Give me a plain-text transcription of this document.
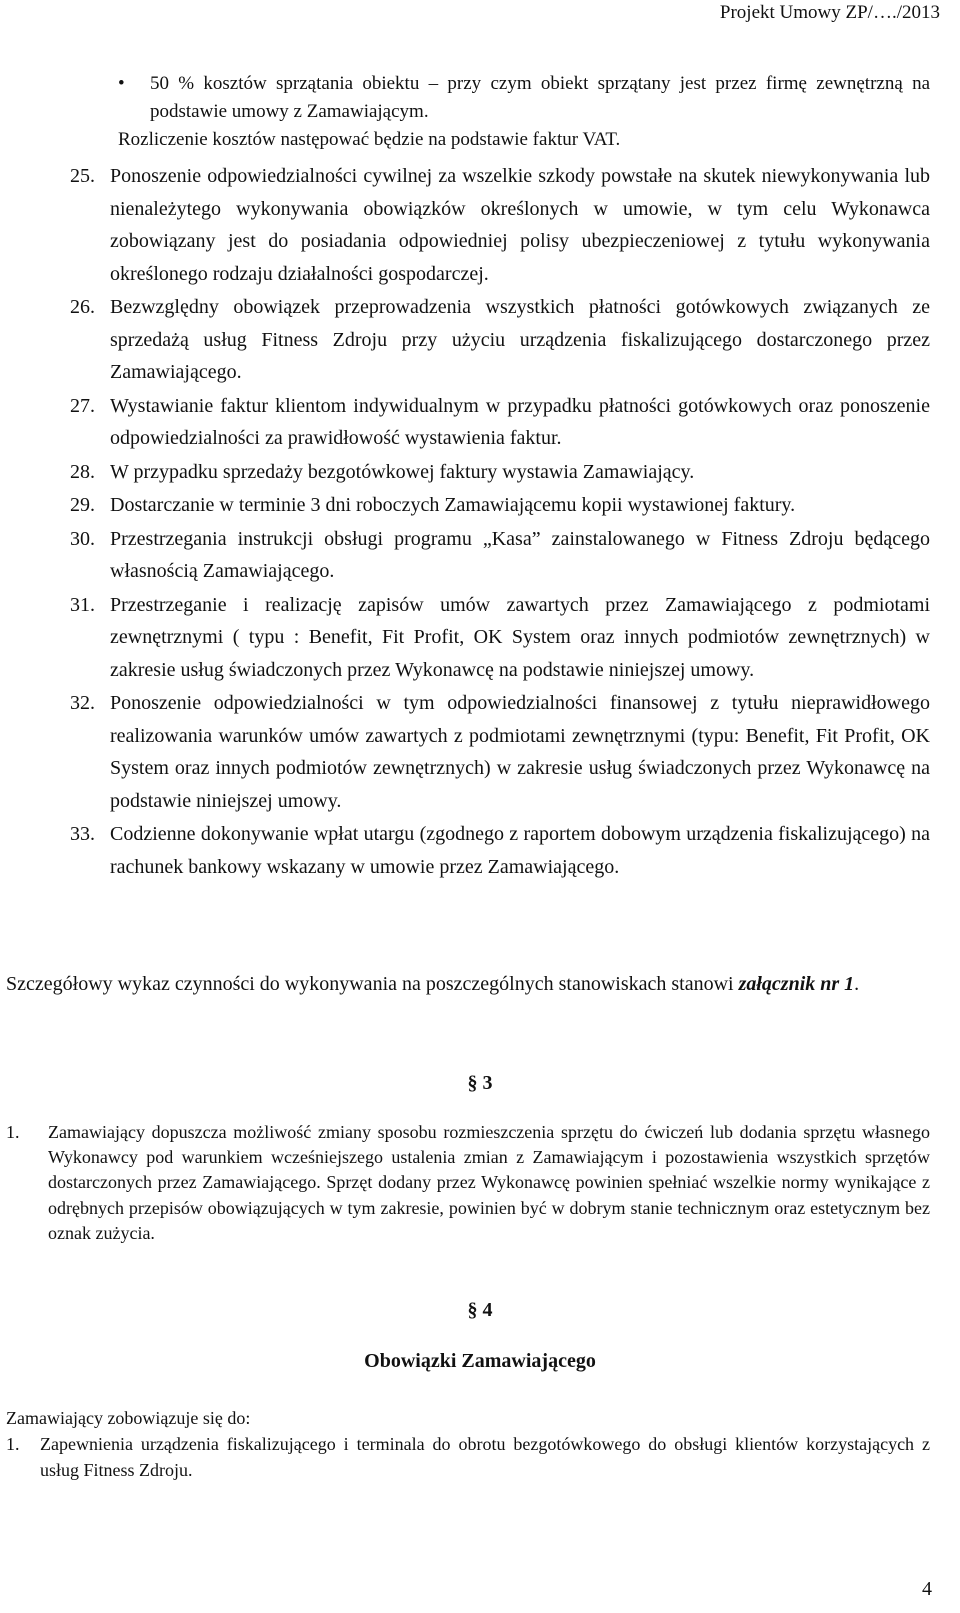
Projekt Umowy ZP/…./2013
• 50 % kosztów sprzątania obiektu – przy czym obiekt sprzątany jest przez firmę zewnętrzną na podstawie umowy z Zamawiającym.
Rozliczenie kosztów następować będzie na podstawie faktur VAT.
25. Ponoszenie odpowiedzialności cywilnej za wszelkie szkody powstałe na skutek niewykonywania lub nienależytego wykonywania obowiązków określonych w umowie, w tym celu Wykonawca zobowiązany jest do posiadania odpowiedniej polisy ubezpieczeniowej z tytułu wykonywania określonego rodzaju działalności gospodarczej.
26. Bezwzględny obowiązek przeprowadzenia wszystkich płatności gotówkowych związanych ze sprzedażą usług Fitness Zdroju przy użyciu urządzenia fiskalizującego dostarczonego przez Zamawiającego.
27. Wystawianie faktur klientom indywidualnym w przypadku płatności gotówkowych oraz ponoszenie odpowiedzialności za prawidłowość wystawienia faktur.
28. W przypadku sprzedaży bezgotówkowej faktury wystawia Zamawiający.
29. Dostarczanie w terminie 3 dni roboczych Zamawiającemu kopii wystawionej faktury.
30. Przestrzegania instrukcji obsługi programu „Kasa” zainstalowanego w Fitness Zdroju będącego własnością Zamawiającego.
31. Przestrzeganie i realizację zapisów umów zawartych przez Zamawiającego z podmiotami zewnętrznymi ( typu : Benefit, Fit Profit, OK System oraz innych podmiotów zewnętrznych) w zakresie usług świadczonych przez Wykonawcę na podstawie niniejszej umowy.
32. Ponoszenie odpowiedzialności w tym odpowiedzialności finansowej z tytułu nieprawidłowego realizowania warunków umów zawartych z podmiotami zewnętrznymi (typu: Benefit, Fit Profit, OK System oraz innych podmiotów zewnętrznych) w zakresie usług świadczonych przez Wykonawcę na podstawie niniejszej umowy.
33. Codzienne dokonywanie wpłat utargu (zgodnego z raportem dobowym urządzenia fiskalizującego) na rachunek bankowy wskazany w umowie przez Zamawiającego.
Szczegółowy wykaz czynności do wykonywania na poszczególnych stanowiskach stanowi załącznik nr 1.
§ 3
1. Zamawiający dopuszcza możliwość zmiany sposobu rozmieszczenia sprzętu do ćwiczeń lub dodania sprzętu własnego Wykonawcy pod warunkiem wcześniejszego ustalenia zmian z Zamawiającym i pozostawienia wszystkich sprzętów dostarczonych przez Zamawiającego. Sprzęt dodany przez Wykonawcę powinien spełniać wszelkie normy wynikające z odrębnych przepisów obowiązujących w tym zakresie, powinien być w dobrym stanie technicznym oraz estetycznym bez oznak zużycia.
§ 4
Obowiązki Zamawiającego
Zamawiający zobowiązuje się do:
1. Zapewnienia urządzenia fiskalizującego i terminala do obrotu bezgotówkowego do obsługi klientów korzystających z usług Fitness Zdroju.
4
